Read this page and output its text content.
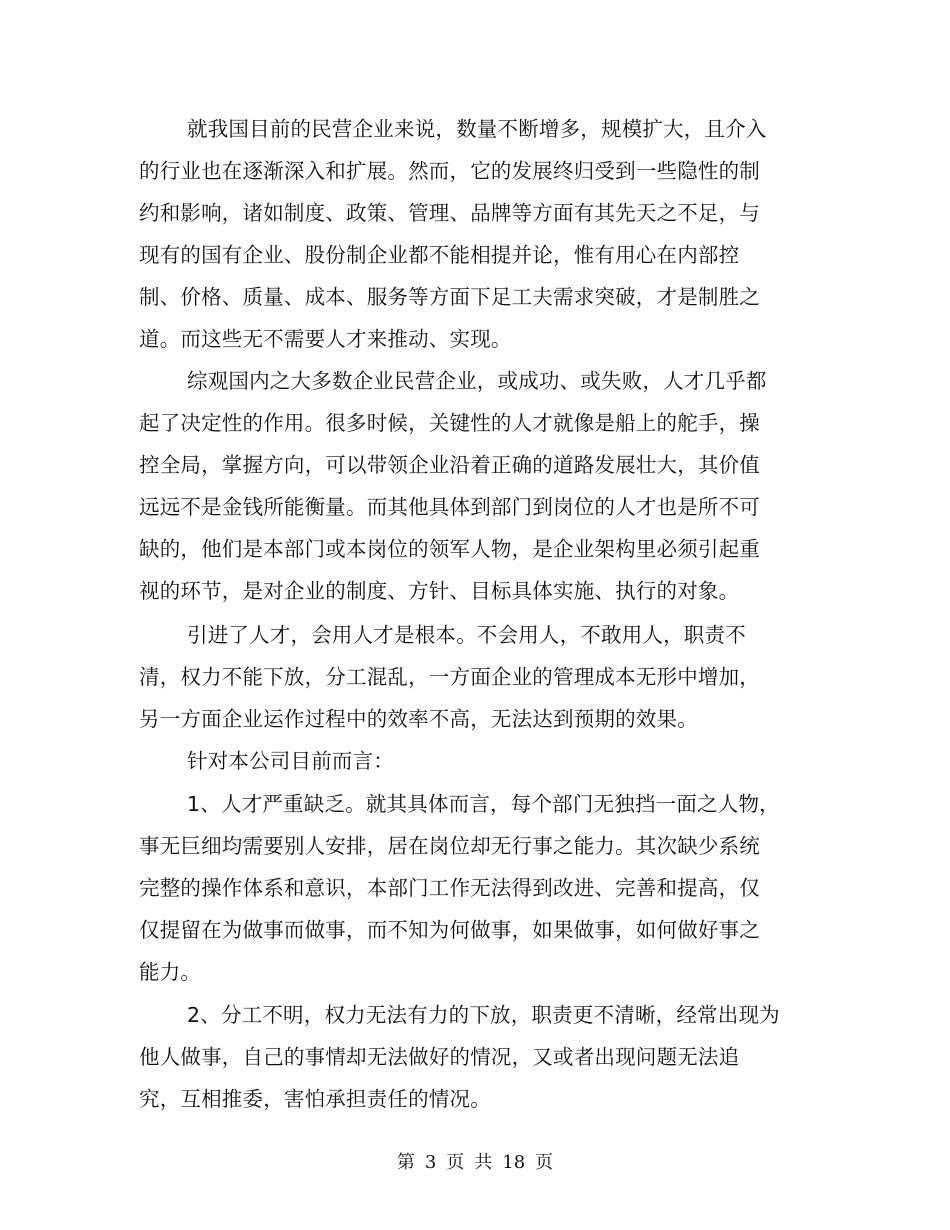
就我国目前的民营企业来说，数量不断增多，规模扩大，且介入
的行业也在逐渐深入和扩展。然而，它的发展终归受到一些隐性的制
约和影响，诸如制度、政策、管理、品牌等方面有其先天之不足，与
现有的国有企业、股份制企业都不能相提并论，惟有用心在内部控
制、价格、质量、成本、服务等方面下足工夫需求突破，才是制胜之
道。而这些无不需要人才来推动、实现。
综观国内之大多数企业民营企业，或成功、或失败，人才几乎都
起了决定性的作用。很多时候，关键性的人才就像是船上的舵手，操
控全局，掌握方向，可以带领企业沿着正确的道路发展壮大，其价值
远远不是金钱所能衡量。而其他具体到部门到岗位的人才也是所不可
缺的，他们是本部门或本岗位的领军人物，是企业架构里必须引起重
视的环节，是对企业的制度、方针、目标具体实施、执行的对象。
引进了人才，会用人才是根本。不会用人，不敢用人，职责不
清，权力不能下放，分工混乱，一方面企业的管理成本无形中增加，
另一方面企业运作过程中的效率不高，无法达到预期的效果。
针对本公司目前而言：
1、人才严重缺乏。就其具体而言，每个部门无独挡一面之人物，
事无巨细均需要别人安排，居在岗位却无行事之能力。其次缺少系统
完整的操作体系和意识，本部门工作无法得到改进、完善和提高，仅
仅提留在为做事而做事，而不知为何做事，如果做事，如何做好事之
能力。
2、分工不明，权力无法有力的下放，职责更不清晰，经常出现为
他人做事，自己的事情却无法做好的情况，又或者出现问题无法追
究，互相推委，害怕承担责任的情况。
第 3 页 共 18 页
